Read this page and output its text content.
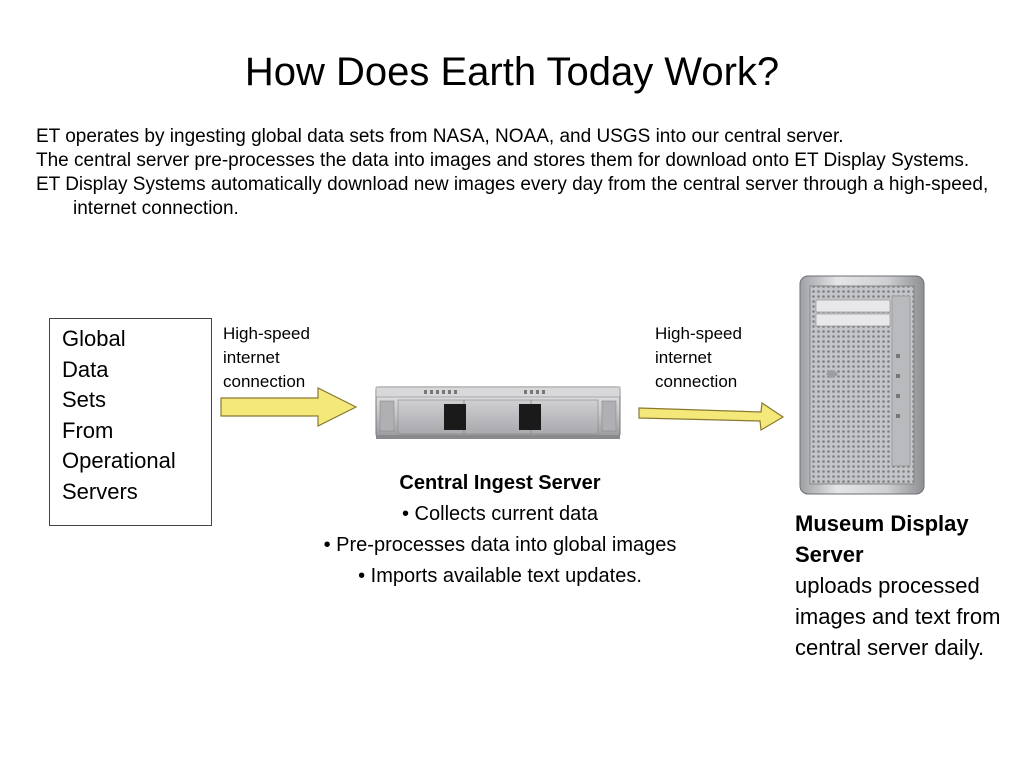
How Does Earth Today Work?
ET operates by ingesting global data sets from NASA, NOAA, and USGS into our central server.
The central server pre-processes the data into images and stores them for download onto ET Display Systems.
ET Display Systems automatically download new images every day from the central server through a high-speed, internet connection.
Global
Data
Sets
From
Operational
Servers
High-speed
internet
connection
High-speed
internet
connection
Central Ingest Server
• Collects current data
• Pre-processes data into global images
• Imports available text updates.
Museum Display Server
uploads processed images and text from central server daily.
